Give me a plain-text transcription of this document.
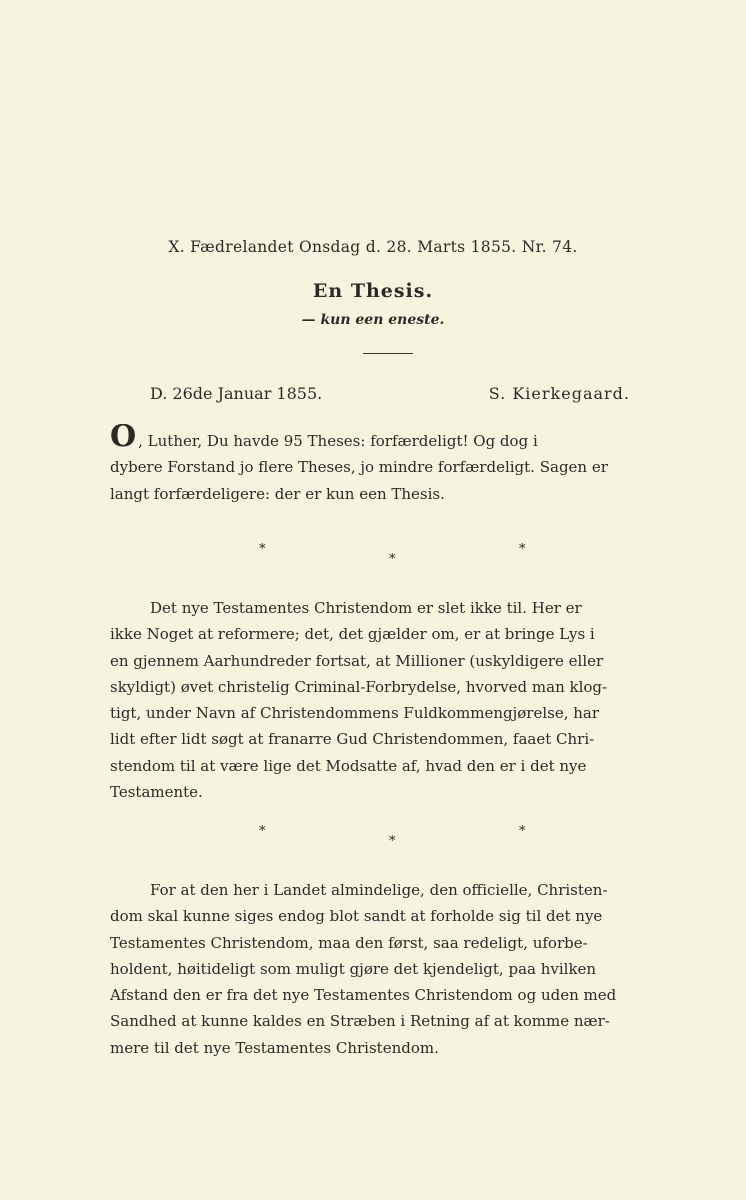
X. Fædrelandet Onsdag d. 28. Marts 1855. Nr. 74.
En Thesis.
— kun een eneste.
D. 26de Januar 1855.	S. Kierkegaard.
O , Luther, Du havde 95 Theses: forfærdeligt! Og dog i
dybere Forstand jo flere Theses, jo mindre forfærdeligt. Sagen er
langt forfærdeligere: der er kun een Thesis.
*
*
*
Det nye Testamentes Christendom er slet ikke til. Her er
ikke Noget at reformere; det, det gjælder om, er at bringe Lys i
en gjennem Aarhundreder fortsat, at Millioner (uskyldigere eller
skyldigt) øvet christelig Criminal-Forbrydelse, hvorved man klog-
tigt, under Navn af Christendommens Fuldkommengjørelse, har
lidt efter lidt søgt at franarre Gud Christendommen, faaet Chri-
stendom til at være lige det Modsatte af, hvad den er i det nye
Testamente.
*
*
*
For at den her i Landet almindelige, den officielle, Christen-
dom skal kunne siges endog blot sandt at forholde sig til det nye
Testamentes Christendom, maa den først, saa redeligt, uforbe-
holdent, høitideligt som muligt gjøre det kjendeligt, paa hvilken
Afstand den er fra det nye Testamentes Christendom og uden med
Sandhed at kunne kaldes en Stræben i Retning af at komme nær-
mere til det nye Testamentes Christendom.
